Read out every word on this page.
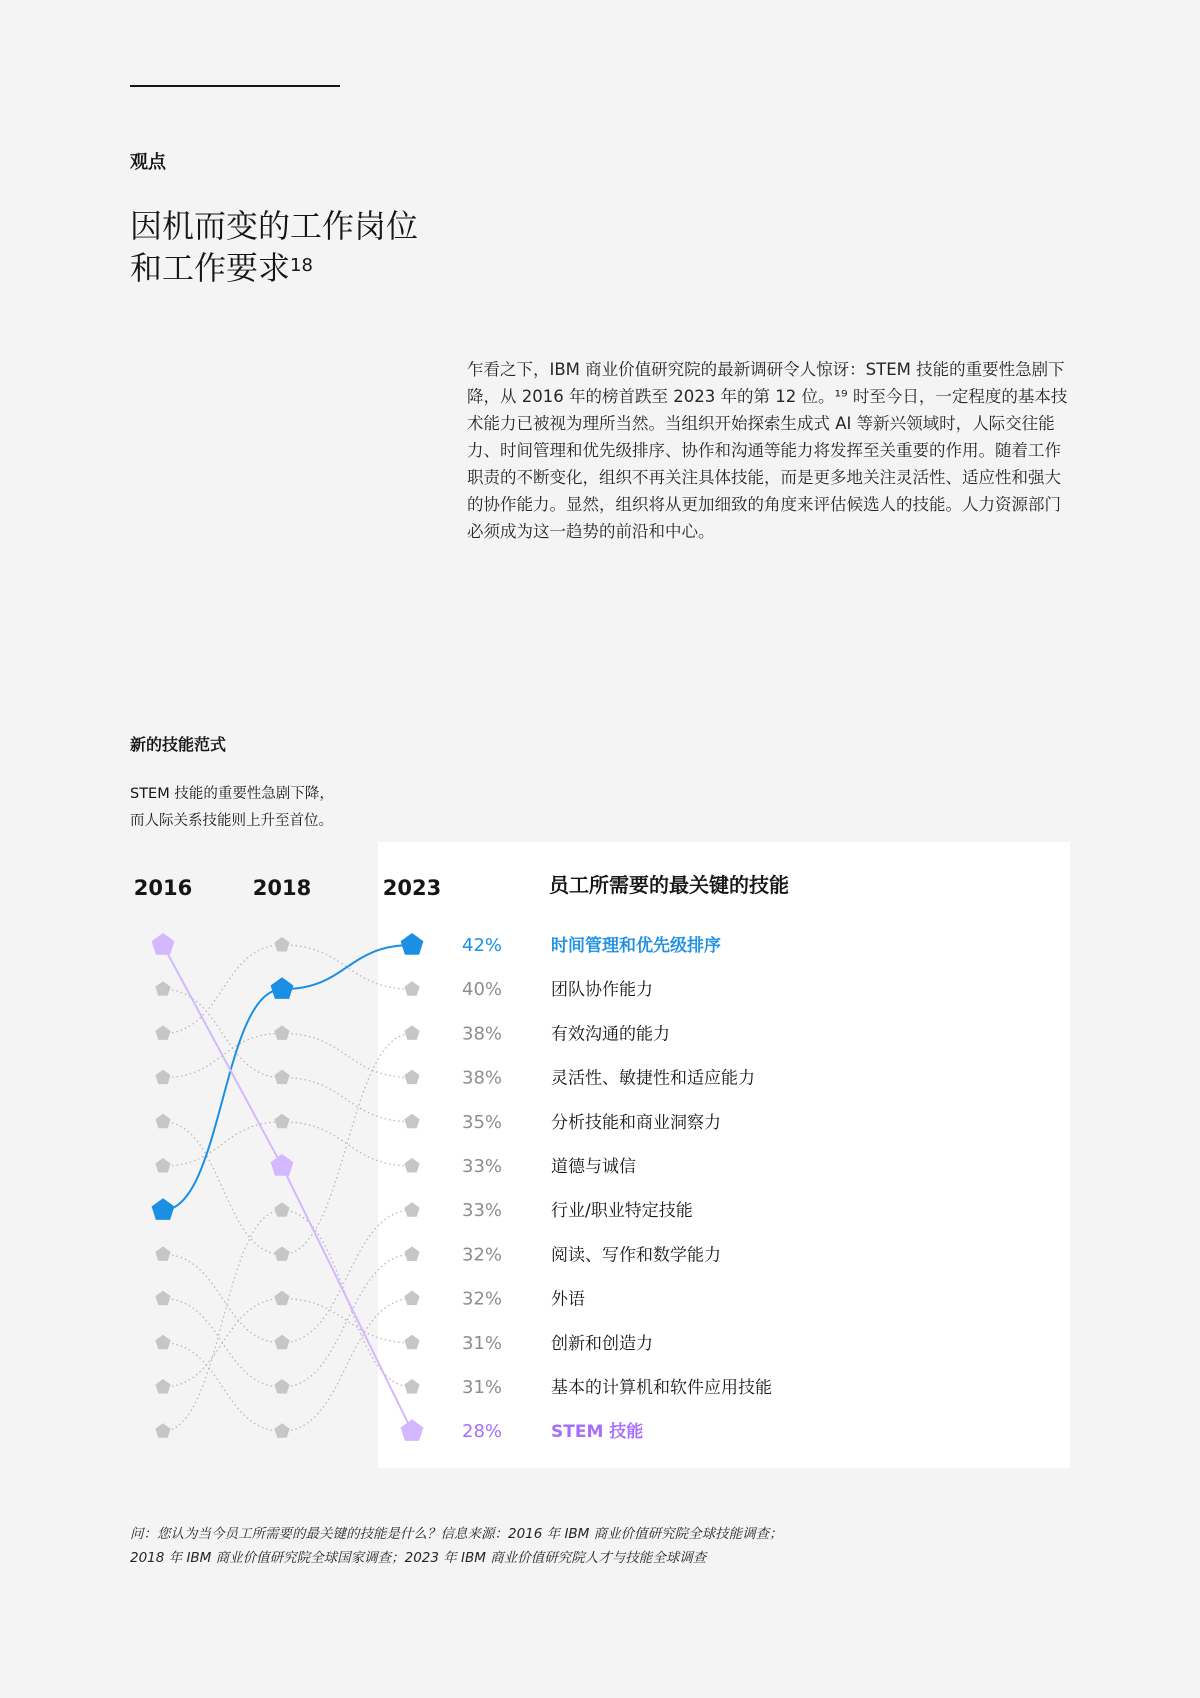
观点
因机而变的工作岗位
和工作要求$^{18}$

乍看之下，IBM 商业价值研究院的最新调研令人惊讶：STEM 技能的重要性急剧下降，从 2016 年的榜首跌至 2023 年的第 12 位。¹⁹ 时至今日，一定程度的基本技术能力已被视为理所当然。当组织开始探索生成式 AI 等新兴领域时，人际交往能力、时间管理和优先级排序、协作和沟通等能力将发挥至关重要的作用。随着工作职责的不断变化，组织不再关注具体技能，而是更多地关注灵活性、适应性和强大的协作能力。显然，组织将从更加细致的角度来评估候选人的技能。人力资源部门必须成为这一趋势的前沿和中心。

新的技能范式
STEM 技能的重要性急剧下降，
而人际关系技能则上升至首位。
2016	2018	2023	员工所需要的最关键的技能
42%	时间管理和优先级排序
40%	团队协作能力
38%	有效沟通的能力
38%	灵活性、敏捷性和适应能力
35%	分析技能和商业洞察力
33%	道德与诚信
33%	行业/职业特定技能
32%	阅读、写作和数学能力
32%	外语
31%	创新和创造力
31%	基本的计算机和软件应用技能
28%	STEM 技能
问：您认为当今员工所需要的最关键的技能是什么？信息来源：2016 年 IBM 商业价值研究院全球技能调查；
2018 年 IBM 商业价值研究院全球国家调查；2023 年 IBM 商业价值研究院人才与技能全球调查
